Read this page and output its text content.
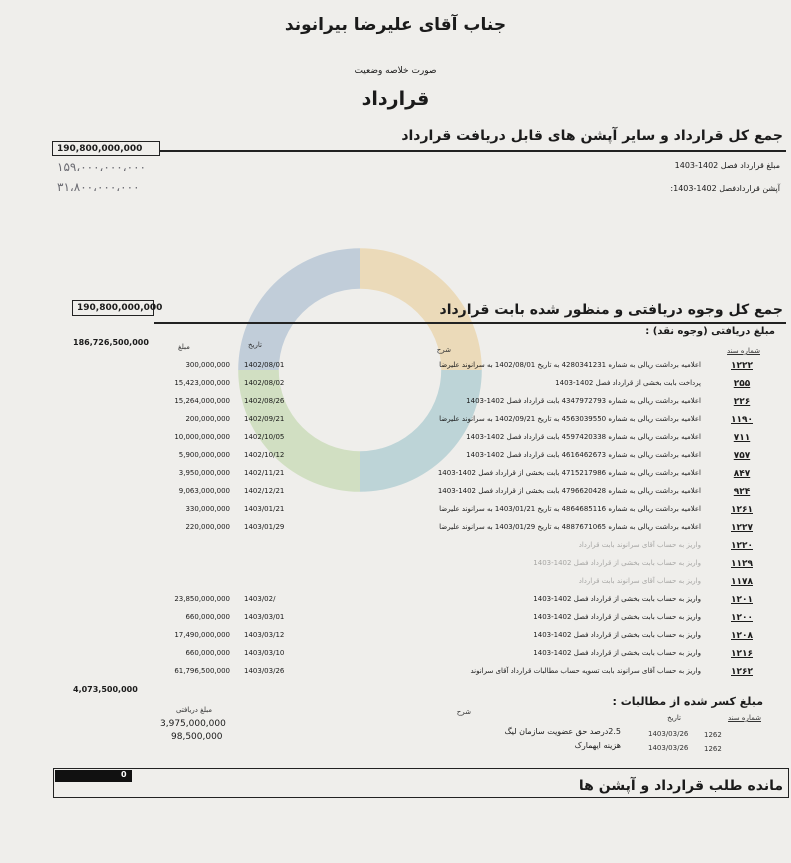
جناب آقای علیرضا بیرانوند
صورت خلاصه وضعیت
قرارداد
جمع کل قرارداد و سایر آپشن های قابل دریافت قرارداد
190,800,000,000
مبلغ قرارداد فصل 1402-1403
آپشن قراردادفصل 1402-1403:
۱۵۹،۰۰۰،۰۰۰،۰۰۰
۳۱،۸۰۰،۰۰۰،۰۰۰
190,800,000,000	جمع کل وجوه دریافتی و منظور شده بابت قرارداد
مبلغ دریافتی (وجوه نقد) :
186,726,500,000
شماره سند
شرح
تاریخ
مبلغ
۱۲۲۲
اعلامیه برداشت ریالی به شماره 4280341231 به تاریخ 1402/08/01 به سرانوند علیرضا
1402/08/01
300,000,000
۲۵۵
پرداخت بابت بخشی از قرارداد فصل 1402-1403
1402/08/02
15,423,000,000
۲۲۶
اعلامیه برداشت ریالی به شماره 4347972793 بابت قرارداد فصل 1402-1403
1402/08/26
15,264,000,000
۱۱۹۰
اعلامیه برداشت ریالی به شماره 4563039550 به تاریخ 1402/09/21 به سرانوند علیرضا
1402/09/21
200,000,000
۷۱۱
اعلامیه برداشت ریالی به شماره 4597420338 بابت قرارداد فصل 1402-1403
1402/10/05
10,000,000,000
۷۵۷
اعلامیه برداشت ریالی به شماره 4616462673 بابت قرارداد فصل 1402-1403
1402/10/12
5,900,000,000
۸۴۷
اعلامیه برداشت ریالی به شماره 4715217986 بابت بخشی از قرارداد فصل 1402-1403
1402/11/21
3,950,000,000
۹۲۴
اعلامیه برداشت ریالی به شماره 4796620428 بابت بخشی از قرارداد فصل 1402-1403
1402/12/21
9,063,000,000
۱۲۶۱
اعلامیه برداشت ریالی به شماره 4864685116 به تاریخ 1403/01/21 به سرانوند علیرضا
1403/01/21
330,000,000
۱۲۲۷
اعلامیه برداشت ریالی به شماره 4887671065 به تاریخ 1403/01/29 به سرانوند علیرضا
1403/01/29
220,000,000
۱۲۲۰
واریز به حساب آقای سرانوند بابت قرارداد
۱۱۲۹
واریز به حساب بابت بخشی از قرارداد فصل 1402-1403
۱۱۷۸
واریز به حساب آقای سرانوند بابت قرارداد
۱۲۰۱
واریز به حساب بابت بخشی از قرارداد فصل 1402-1403
1403/02/
23,850,000,000
۱۲۰۰
واریز به حساب بابت بخشی از قرارداد فصل 1402-1403
1403/03/01
660,000,000
۱۲۰۸
واریز به حساب بابت بخشی از قرارداد فصل 1402-1403
1403/03/12
17,490,000,000
۱۲۱۶
واریز به حساب بابت بخشی از قرارداد فصل 1402-1403
1403/03/10
660,000,000
۱۲۶۲
واریز به حساب آقای سرانوند بابت تسویه حساب مطالبات قرارداد آقای سرانوند
1403/03/26
61,796,500,000
4,073,500,000
مبلغ کسر شده از مطالبات :
شماره سند
تاریخ
شرح
مبلغ دریافتی
3,975,000,000
98,500,000
2.5درصد حق عضویت سازمان لیگ
هزینه ایهمارک
1403/03/26
1403/03/26
1262
1262
0
مانده طلب قرارداد و آپشن ها
